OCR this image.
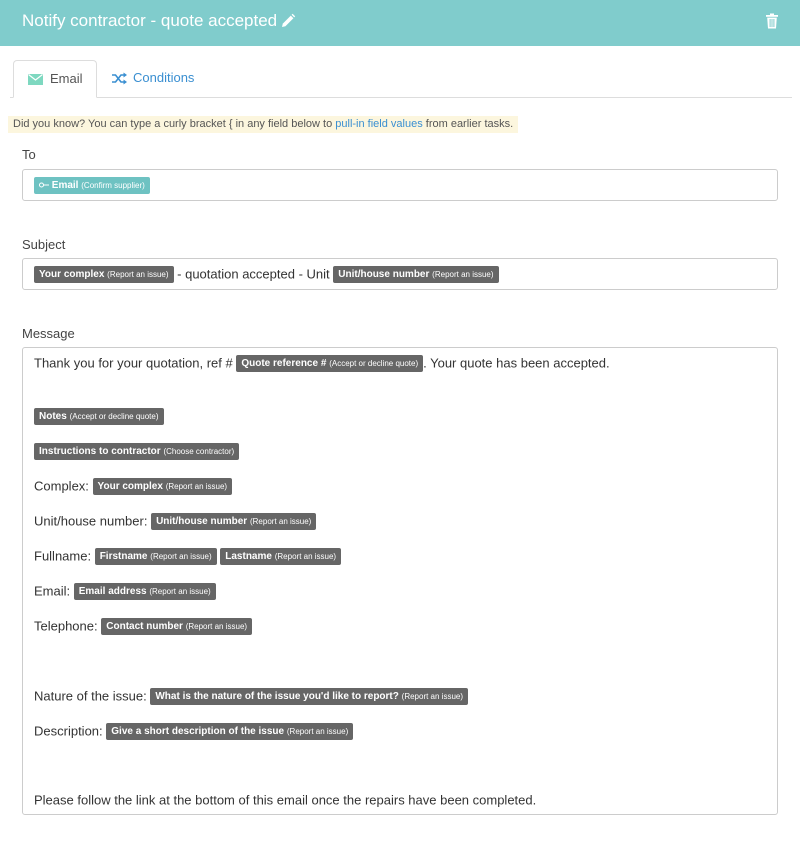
Notify contractor - quote accepted
Email	Conditions
Did you know? You can type a curly bracket { in any field below to pull-in field values from earlier tasks.
To
Email (Confirm supplier)
Subject
Your complex (Report an issue) - quotation accepted - Unit Unit/house number (Report an issue)
Message
Thank you for your quotation, ref # Quote reference # (Accept or decline quote) . Your quote has been accepted.
Notes (Accept or decline quote)
Instructions to contractor (Choose contractor)
Complex: Your complex (Report an issue)
Unit/house number: Unit/house number (Report an issue)
Fullname: Firstname (Report an issue) Lastname (Report an issue)
Email: Email address (Report an issue)
Telephone: Contact number (Report an issue)
Nature of the issue: What is the nature of the issue you'd like to report? (Report an issue)
Description: Give a short description of the issue (Report an issue)
Please follow the link at the bottom of this email once the repairs have been completed.
